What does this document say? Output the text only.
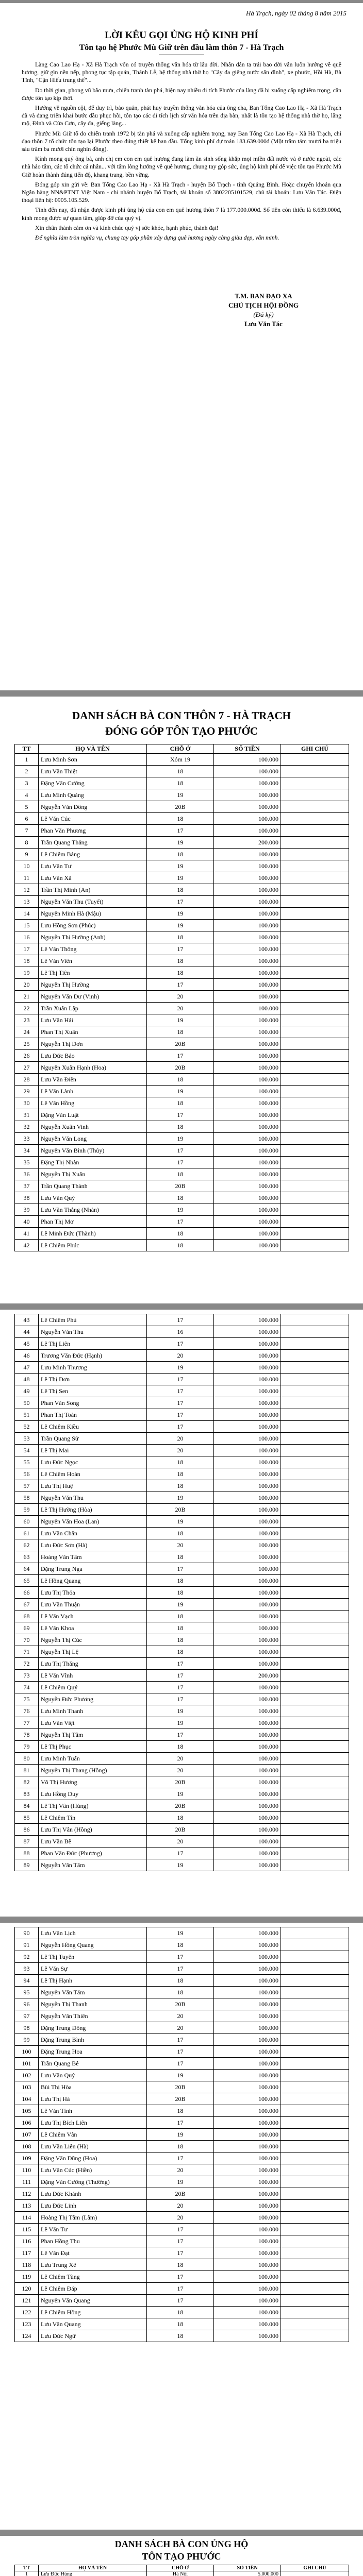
Hà Trạch, ngày 02 tháng 8 năm 2015
LỜI KÊU GỌI ỦNG HỘ KINH PHÍ
Tôn tạo hệ Phước Mù Giữ trên đầu làm thôn 7 - Hà Trạch

Làng Cao Lao Hạ - Xã Hà Trạch vốn có truyền thống văn hóa từ lâu đời. Nhân dân ta trải bao đời vẫn luôn hướng về quê hương, giữ gìn nền nếp, phong tục tập quán, Thánh Lễ, hệ thống nhà thờ họ "Cây đa giếng nước sân đình", xe phước, Hồi Hà, Bà Tĩnh, "Cận Hiếu trung thế"...

Do thời gian, phong vũ bão mưa, chiến tranh tàn phá, hiện nay nhiều di tích Phước của làng đã bị xuống cấp nghiêm trọng, cần được tôn tạo kịp thời.

Hướng về nguồn cội, để duy trì, bảo quản, phát huy truyền thống văn hóa của ông cha, Ban Tổng Cao Lao Hạ - Xã Hà Trạch đã và đang triển khai bước đầu phục hồi, tôn tạo các di tích lịch sử văn hóa trên địa bàn, nhất là tôn tạo hệ thống nhà thờ họ, lăng mộ, Đình và Cửa Cơn, cây đa, giếng làng...

Phước Mù Giữ tổ do chiến tranh 1972 bị tàn phá và xuống cấp nghiêm trọng, nay Ban Tổng Cao Lao Hạ - Xã Hà Trạch, chỉ đạo thôn 7 tổ chức tôn tạo lại Phước theo đúng thiết kế ban đầu. Tổng kinh phí dự toán 183.639.000đ (Một trăm tám mươi ba triệu sáu trăm ba mươi chín nghìn đồng).

Kính mong quý ông bà, anh chị em con em quê hương đang làm ăn sinh sống khắp mọi miền đất nước và ở nước ngoài, các nhà hảo tâm, các tổ chức cá nhân... với tấm lòng hướng về quê hương, chung tay góp sức, ủng hộ kinh phí để việc tôn tạo Phước Mù Giữ hoàn thành đúng tiến độ, khang trang, bền vững.

Đóng góp xin gửi về: Ban Tổng Cao Lao Hạ - Xã Hà Trạch - huyện Bố Trạch - tỉnh Quảng Bình. Hoặc chuyển khoản qua Ngân hàng NN&PTNT Việt Nam - chi nhánh huyện Bố Trạch, tài khoản số 3802205101529, chủ tài khoản: Lưu Văn Tác. Điện thoại liên hệ: 0905.105.529.

Tính đến nay, đã nhận được kinh phí ủng hộ của con em quê hương thôn 7 là 177.000.000đ. Số tiền còn thiếu là 6.639.000đ, kính mong được sự quan tâm, giúp đỡ của quý vị.

Xin chân thành cảm ơn và kính chúc quý vị sức khỏe, hạnh phúc, thành đạt!

Để nghĩa làm tròn nghĩa vụ, chung tay góp phần xây dựng quê hương ngày càng giàu đẹp, văn minh.

T.M. BAN ĐẠO XA
CHỦ TỊCH HỘI ĐỒNG
(Đã ký)
Lưu Văn Tác
DANH SÁCH BÀ CON THÔN 7 - HÀ TRẠCH
ĐÓNG GÓP TÔN TẠO PHƯỚC
TT	HỌ VÀ TÊN	CHỖ Ở	SỐ TIỀN	GHI CHÚ
1	Lưu Minh Sơn	Xóm 19	100.000	
2	Lưu Văn Thiệt	18	100.000	
3	Đặng Văn Cường	18	100.000	
4	Lưu Minh Quảng	19	100.000	
5	Nguyễn Văn Đông	20B	100.000	
6	Lê Văn Cúc	18	100.000	
7	Phan Văn Phương	17	100.000	
8	Trần Quang Thắng	19	200.000	
9	Lê Chiêm Bảng	18	100.000	
10	Lưu Văn Tư	19	100.000	
11	Lưu Văn Xã	19	100.000	
12	Trần Thị Minh (An)	18	100.000	
13	Nguyễn Văn Thu (Tuyết)	17	100.000	
14	Nguyễn Minh Hà (Mậu)	19	100.000	
15	Lưu Hồng Sơn (Phúc)	19	100.000	
16	Nguyễn Thị Hường (Anh)	18	100.000	
17	Lê Văn Thông	17	100.000	
18	Lê Văn Viên	18	100.000	
19	Lê Thị Tiên	18	100.000	
20	Nguyễn Thị Hường	17	100.000	
21	Nguyễn Văn Dư (Vinh)	20	100.000	
22	Trần Xuân Lập	20	100.000	
23	Lưu Văn Hải	19	100.000	
24	Phan Thị Xuân	18	100.000	
25	Nguyễn Thị Dơn	20B	100.000	
26	Lưu Đức Bảo	17	100.000	
27	Nguyễn Xuân Hạnh (Hoa)	20B	100.000	
28	Lưu Văn Điền	18	100.000	
29	Lê Văn Lành	19	100.000	
30	Lê Văn Hồng	18	100.000	
31	Đặng Văn Luật	17	100.000	
32	Nguyễn Xuân Vinh	18	100.000	
33	Nguyễn Văn Long	19	100.000	
34	Nguyễn Văn Bình (Thủy)	17	100.000	
35	Đặng Thị Nhàn	17	100.000	
36	Nguyễn Thị Xuân	18	100.000	
37	Trần Quang Thành	20B	100.000	
38	Lưu Văn Quý	18	100.000	
39	Lưu Văn Thắng (Nhàn)	19	100.000	
40	Phan Thị Mơ	17	100.000	
41	Lê Minh Đức (Thành)	18	100.000	
42	Lê Chiêm Phúc	18	100.000	
43	Lê Chiêm Phú	17	100.000	
44	Nguyễn Văn Thu	16	100.000	
45	Lê Thị Liên	17	100.000	
46	Trương Văn Đức (Hạnh)	20	100.000	
47	Lưu Minh Thương	19	100.000	
48	Lê Thị Dơn	17	100.000	
49	Lê Thị Sen	17	100.000	
50	Phan Văn Song	17	100.000	
51	Phan Thị Toàn	17	100.000	
52	Lê Chiêm Kiều	17	100.000	
53	Trần Quang Sử	20	100.000	
54	Lê Thị Mai	20	100.000	
55	Lưu Đức Ngọc	18	100.000	
56	Lê Chiêm Hoàn	18	100.000	
57	Lưu Thị Huệ	18	100.000	
58	Nguyễn Văn Thu	19	100.000	
59	Lê Thị Hường (Hòa)	20B	100.000	
60	Nguyễn Văn Hoa (Lan)	19	100.000	
61	Lưu Văn Chấn	18	100.000	
62	Lưu Đức Sơn (Hà)	20	100.000	
63	Hoàng Văn Tâm	18	100.000	
64	Đặng Trung Nga	17	100.000	
65	Lê Hồng Quang	18	100.000	
66	Lưu Thị Thỏa	18	100.000	
67	Lưu Văn Thuận	19	100.000	
68	Lê Văn Vạch	18	100.000	
69	Lê Văn Khoa	18	100.000	
70	Nguyễn Thị Cúc	18	100.000	
71	Nguyễn Thị Lệ	18	100.000	
72	Lưu Thị Thăng	17	100.000	
73	Lê Văn Vĩnh	17	200.000	
74	Lê Chiêm Quý	17	100.000	
75	Nguyễn Đức Phương	17	100.000	
76	Lưu Minh Thanh	19	100.000	
77	Lưu Văn Việt	19	100.000	
78	Nguyễn Thị Tâm	17	100.000	
79	Lê Thị Phục	18	100.000	
80	Lưu Minh Tuấn	20	100.000	
81	Nguyễn Thị Thang (Hồng)	20	100.000	
82	Võ Thị Hương	20B	100.000	
83	Lưu Hồng Duy	19	100.000	
84	Lê Thị Vân (Hùng)	20B	100.000	
85	Lê Chiêm Tín	18	100.000	
86	Lưu Thị Vân (Hồng)	20B	100.000	
87	Lưu Văn Bê	20	100.000	
88	Phan Văn Đức (Phương)	17	100.000	
89	Nguyễn Văn Tâm	19	100.000	
90	Lưu Văn Lịch	19	100.000	
91	Nguyễn Hồng Quang	18	100.000	
92	Lê Thị Tuyên	17	100.000	
93	Lê Văn Sự	17	100.000	
94	Lê Thị Hạnh	18	100.000	
95	Nguyễn Văn Tám	18	100.000	
96	Nguyễn Thị Thanh	20B	100.000	
97	Nguyễn Văn Thiên	20	100.000	
98	Đặng Trung Đông	20	100.000	
99	Đặng Trung Bình	17	100.000	
100	Đặng Trung Hoa	17	100.000	
101	Trần Quang Bê	17	100.000	
102	Lưu Văn Quý	19	100.000	
103	Bùi Thị Hòa	20B	100.000	
104	Lưu Thị Hà	20B	100.000	
105	Lê Văn Tỉnh	18	100.000	
106	Lưu Thị Bích Liên	17	100.000	
107	Lê Chiêm Vân	19	100.000	
108	Lưu Văn Liên (Hà)	18	100.000	
109	Đặng Văn Dũng (Hoa)	17	100.000	
110	Lưu Văn Cúc (Hiền)	20	100.000	
111	Đặng Văn Cường (Thường)	19	100.000	
112	Lưu Đức Khánh	20B	100.000	
113	Lưu Đức Linh	20	100.000	
114	Hoàng Thị Tâm (Lâm)	20	100.000	
115	Lê Văn Tư	17	100.000	
116	Phan Hồng Thu	17	100.000	
117	Lê Văn Đạt	17	100.000	
118	Lưu Trung Xê	18	100.000	
119	Lê Chiêm Tùng	17	100.000	
120	Lê Chiêm Đáp	17	100.000	
121	Nguyễn Văn Quang	17	100.000	
122	Lê Chiêm Hồng	18	100.000	
123	Lưu Văn Quang	18	100.000	
124	Lưu Đức Ngữ	18	100.000	
DANH SÁCH BÀ CON ỦNG HỘ
TÔN TẠO PHƯỚC
TT	HỌ VÀ TÊN	CHỖ Ở	SỐ TIỀN	GHI CHÚ
1	Lưu Đức Hùng	Hà Nội	5.000.000	
